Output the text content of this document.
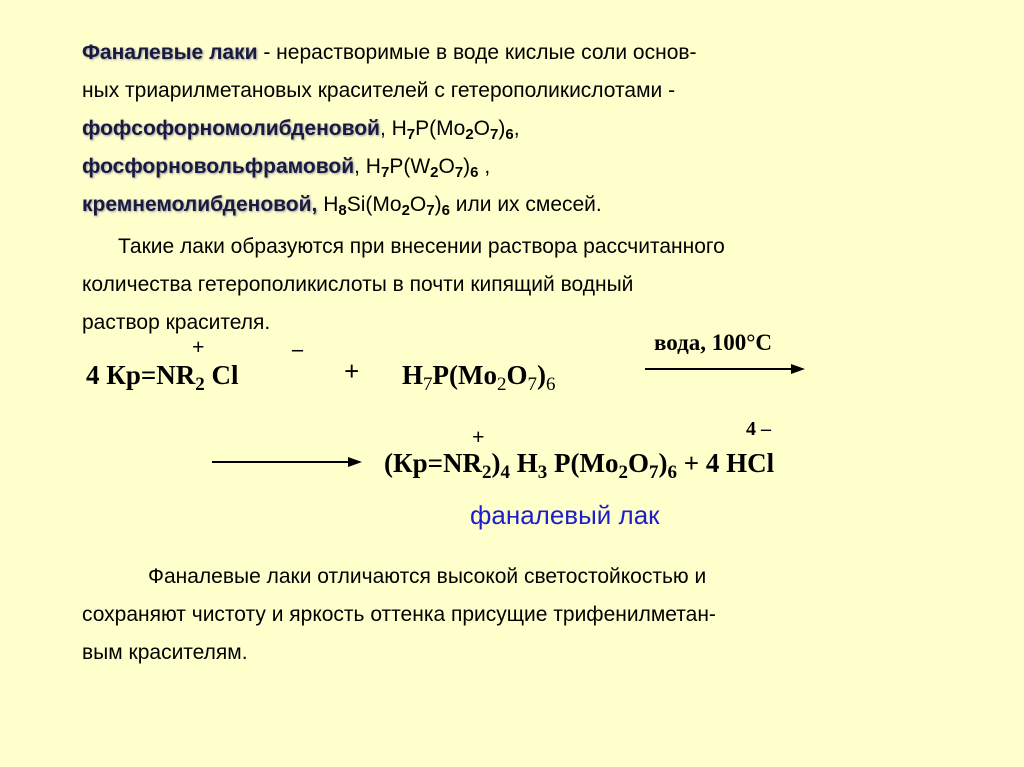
Фаналевые лаки - нерастворимые в воде кислые соли основ-
ных триарилметановых красителей с гетерополикислотами -
фофсофорномолибденовой, $H_7P(Mo_2O_7)_6$,
фосфорновольфрамовой, $H_7P(W_2O_7)_6$ ,
кремнемолибденовой, $H_8Si(Mo_2O_7)_6$ или их смесей.
Такие лаки образуются при внесении раствора рассчитанного
количества гетерополикислоты в почти кипящий водный
раствор красителя.
+	–
4 $Кр=NR_2$ Cl	+ $H_7P(Mo_2O_7)_6$
вода, 100°C
+	4 –
$(Кр=NR_2)_4$ $H_3$ $P(Mo_2O_7)_6 + 4$ HCl
фаналевый лак
Фаналевые лаки отличаются высокой светостойкостью и
сохраняют чистоту и яркость оттенка присущие трифенилметан-
вым красителям.
